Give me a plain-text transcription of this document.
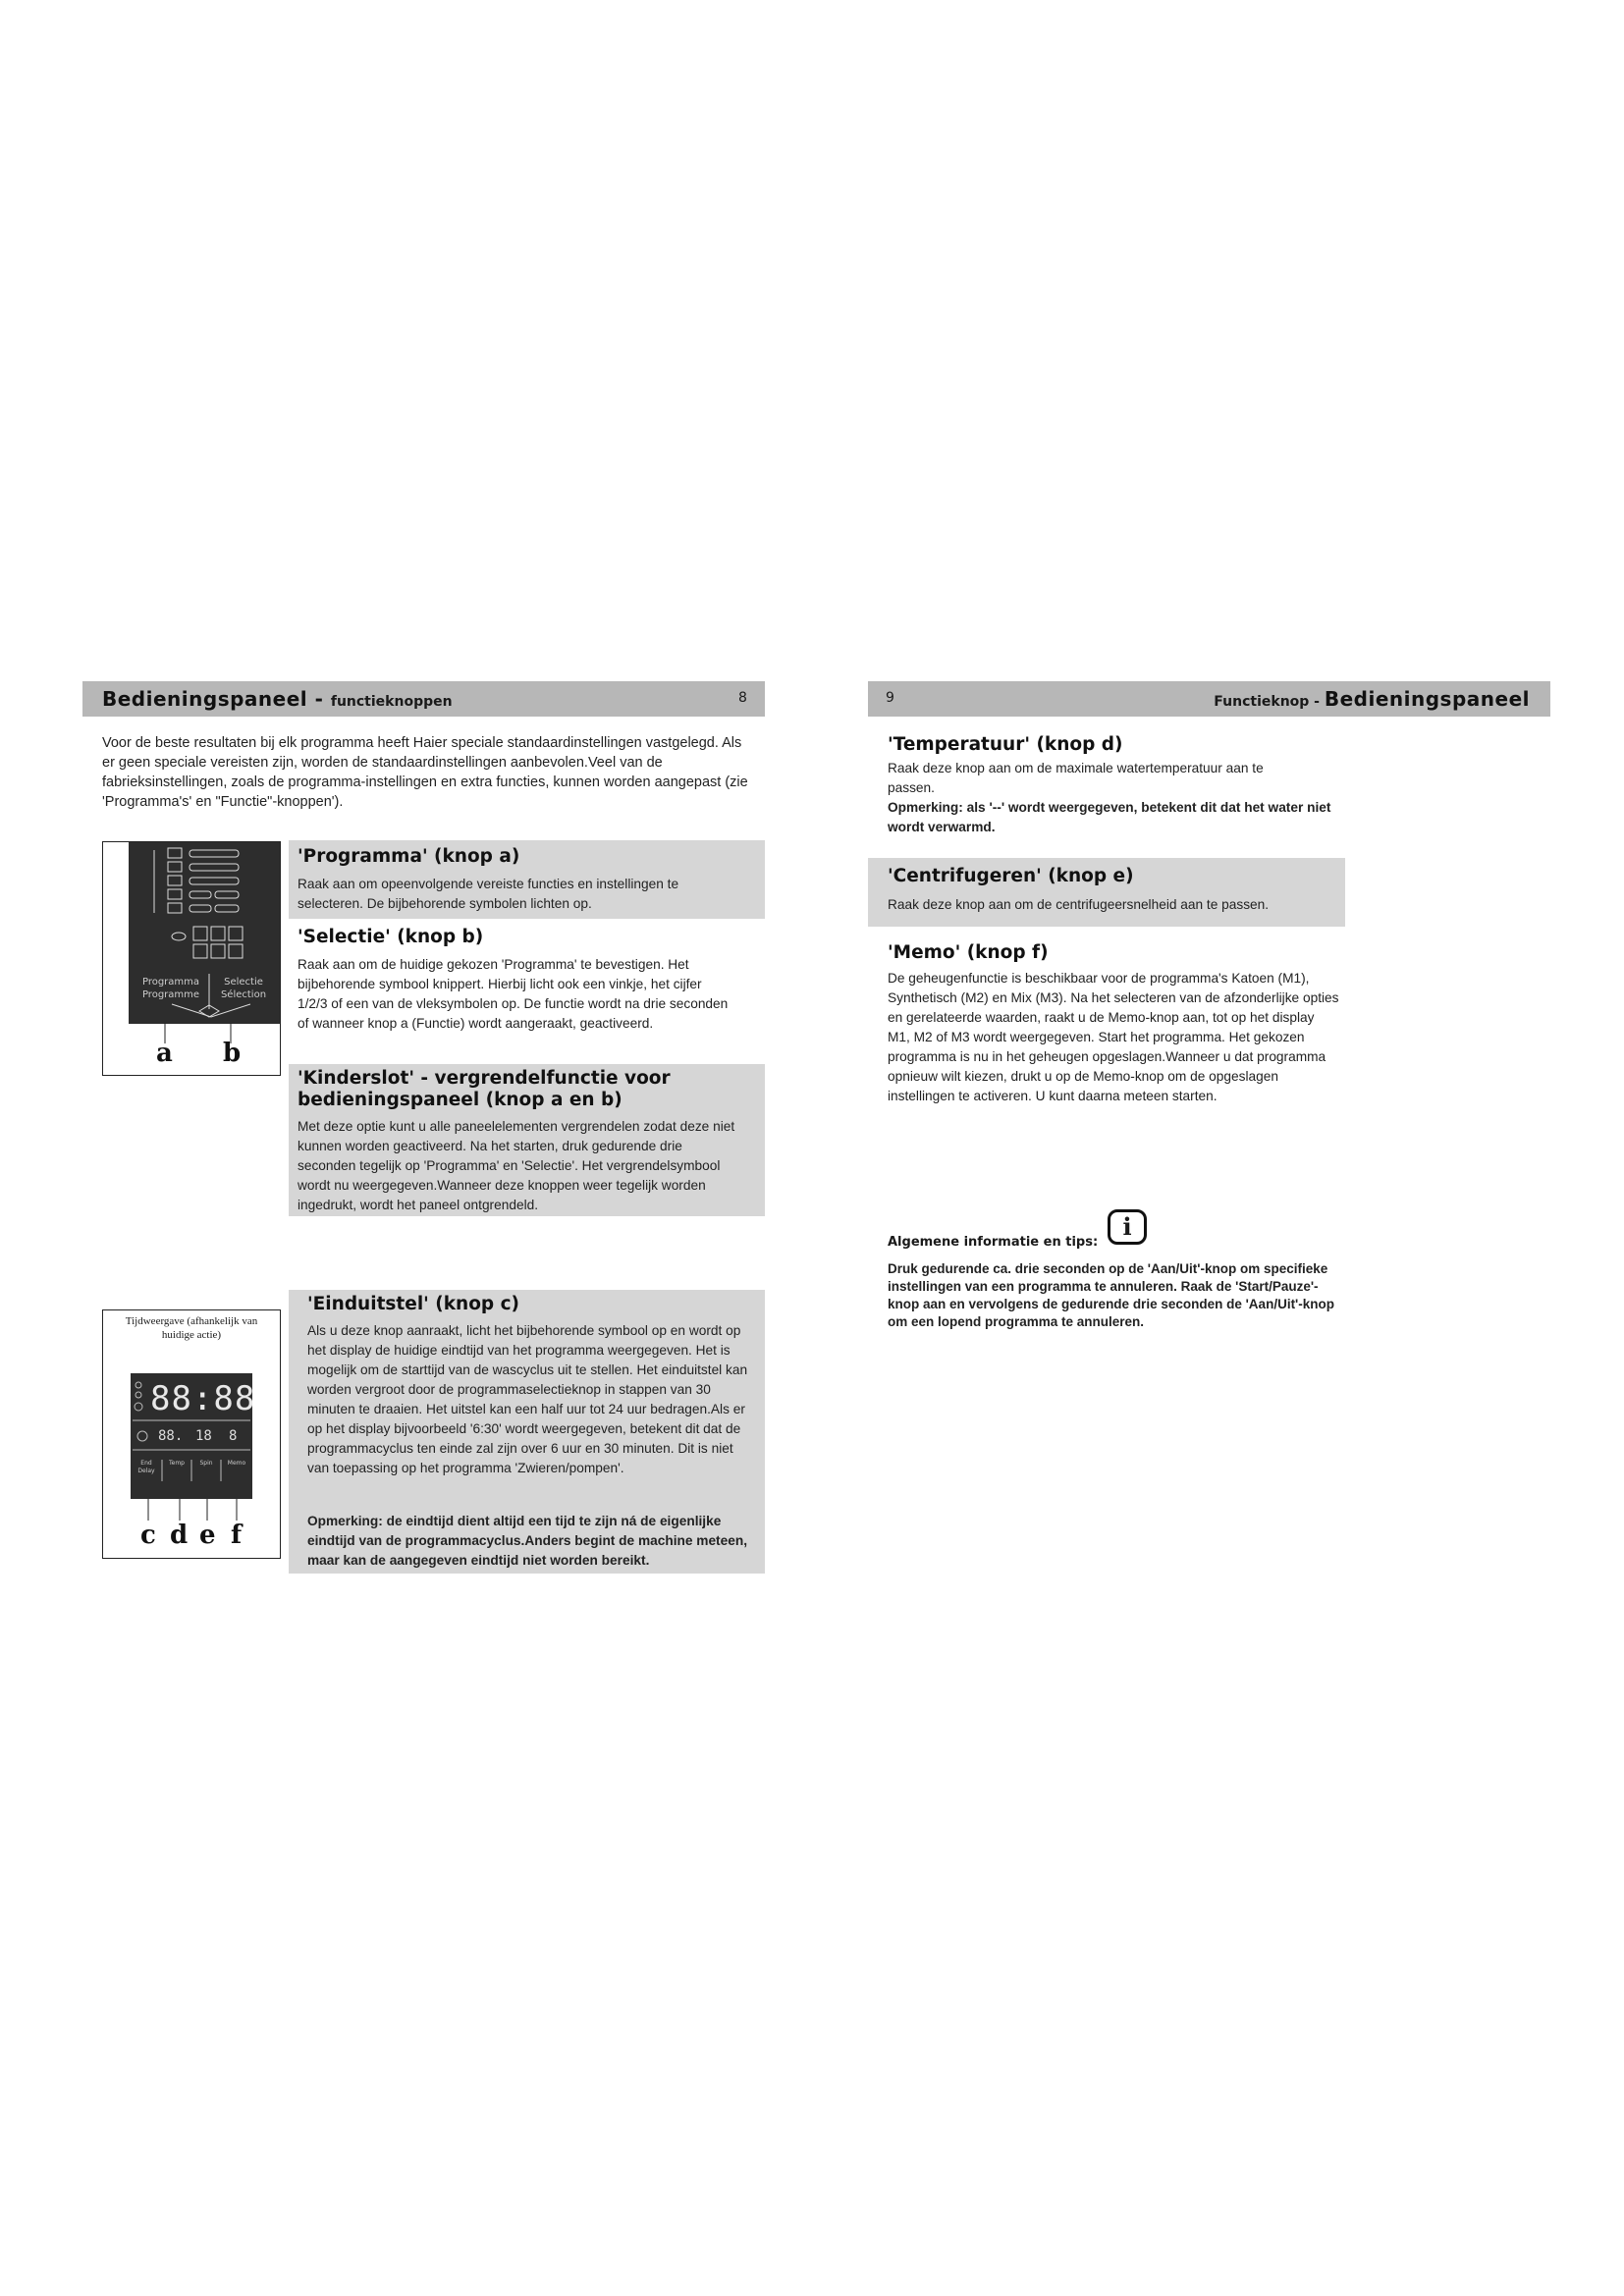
Bedieningspaneel - functieknoppen	8
Voor de beste resultaten bij elk programma heeft Haier speciale standaardinstellingen vastgelegd. Als er geen speciale vereisten zijn, worden de standaardinstellingen aanbevolen.Veel van de fabrieksinstellingen, zoals de programma-instellingen en extra functies, kunnen worden aangepast (zie 'Programma's' en "Functie"-knoppen').
Programma
Programme
Selectie
Sélection
a b
'Programma' (knop a)
Raak aan om opeenvolgende vereiste functies en instellingen te selecteren. De bijbehorende symbolen lichten op.
'Selectie' (knop b)
Raak aan om de huidige gekozen 'Programma' te bevestigen. Het bijbehorende symbool knippert. Hierbij licht ook een vinkje, het cijfer 1/2/3 of een van de vleksymbolen op. De functie wordt na drie seconden of wanneer knop a (Functie) wordt aangeraakt, geactiveerd.
'Kinderslot' - vergrendelfunctie voor bedieningspaneel (knop a en b)
Met deze optie kunt u alle paneelelementen vergrendelen zodat deze niet kunnen worden geactiveerd. Na het starten, druk gedurende drie seconden tegelijk op 'Programma' en 'Selectie'. Het vergrendelsymbool wordt nu weergegeven.Wanneer deze knoppen weer tegelijk worden ingedrukt, wordt het paneel ontgrendeld.
Tijdweergave (afhankelijk van huidige actie)
88:88
88. 18 8
End Delay
Temp	Spin	Memo
c d e f
'Einduitstel' (knop c)
Als u deze knop aanraakt, licht het bijbehorende symbool op en wordt op het display de huidige eindtijd van het programma weergegeven. Het is mogelijk om de starttijd van de wascyclus uit te stellen. Het einduitstel kan worden vergroot door de programmaselectieknop in stappen van 30 minuten te draaien. Het uitstel kan een half uur tot 24 uur bedragen.Als er op het display bijvoorbeeld '6:30' wordt weergegeven, betekent dit dat de programmacyclus ten einde zal zijn over 6 uur en 30 minuten. Dit is niet van toepassing op het programma 'Zwieren/pompen'.
Opmerking: de eindtijd dient altijd een tijd te zijn ná de eigenlijke eindtijd van de programmacyclus.Anders begint de machine meteen, maar kan de aangegeven eindtijd niet worden bereikt.
9	Functieknop - Bedieningspaneel
'Temperatuur' (knop d)
Raak deze knop aan om de maximale watertemperatuur aan te passen.
Opmerking: als '--' wordt weergegeven, betekent dit dat het water niet wordt verwarmd.
'Centrifugeren' (knop e)
Raak deze knop aan om de centrifugeersnelheid aan te passen.
'Memo' (knop f)
De geheugenfunctie is beschikbaar voor de programma's Katoen (M1), Synthetisch (M2) en Mix (M3). Na het selecteren van de afzonderlijke opties en gerelateerde waarden, raakt u de Memo-knop aan, tot op het display M1, M2 of M3 wordt weergegeven. Start het programma. Het gekozen programma is nu in het geheugen opgeslagen.Wanneer u dat programma opnieuw wilt kiezen, drukt u op de Memo-knop om de opgeslagen instellingen te activeren. U kunt daarna meteen starten.
Algemene informatie en tips:
i
Druk gedurende ca. drie seconden op de 'Aan/Uit'-knop om specifieke instellingen van een programma te annuleren. Raak de 'Start/Pauze'-knop aan en vervolgens de gedurende drie seconden de 'Aan/Uit'-knop om een lopend programma te annuleren.
